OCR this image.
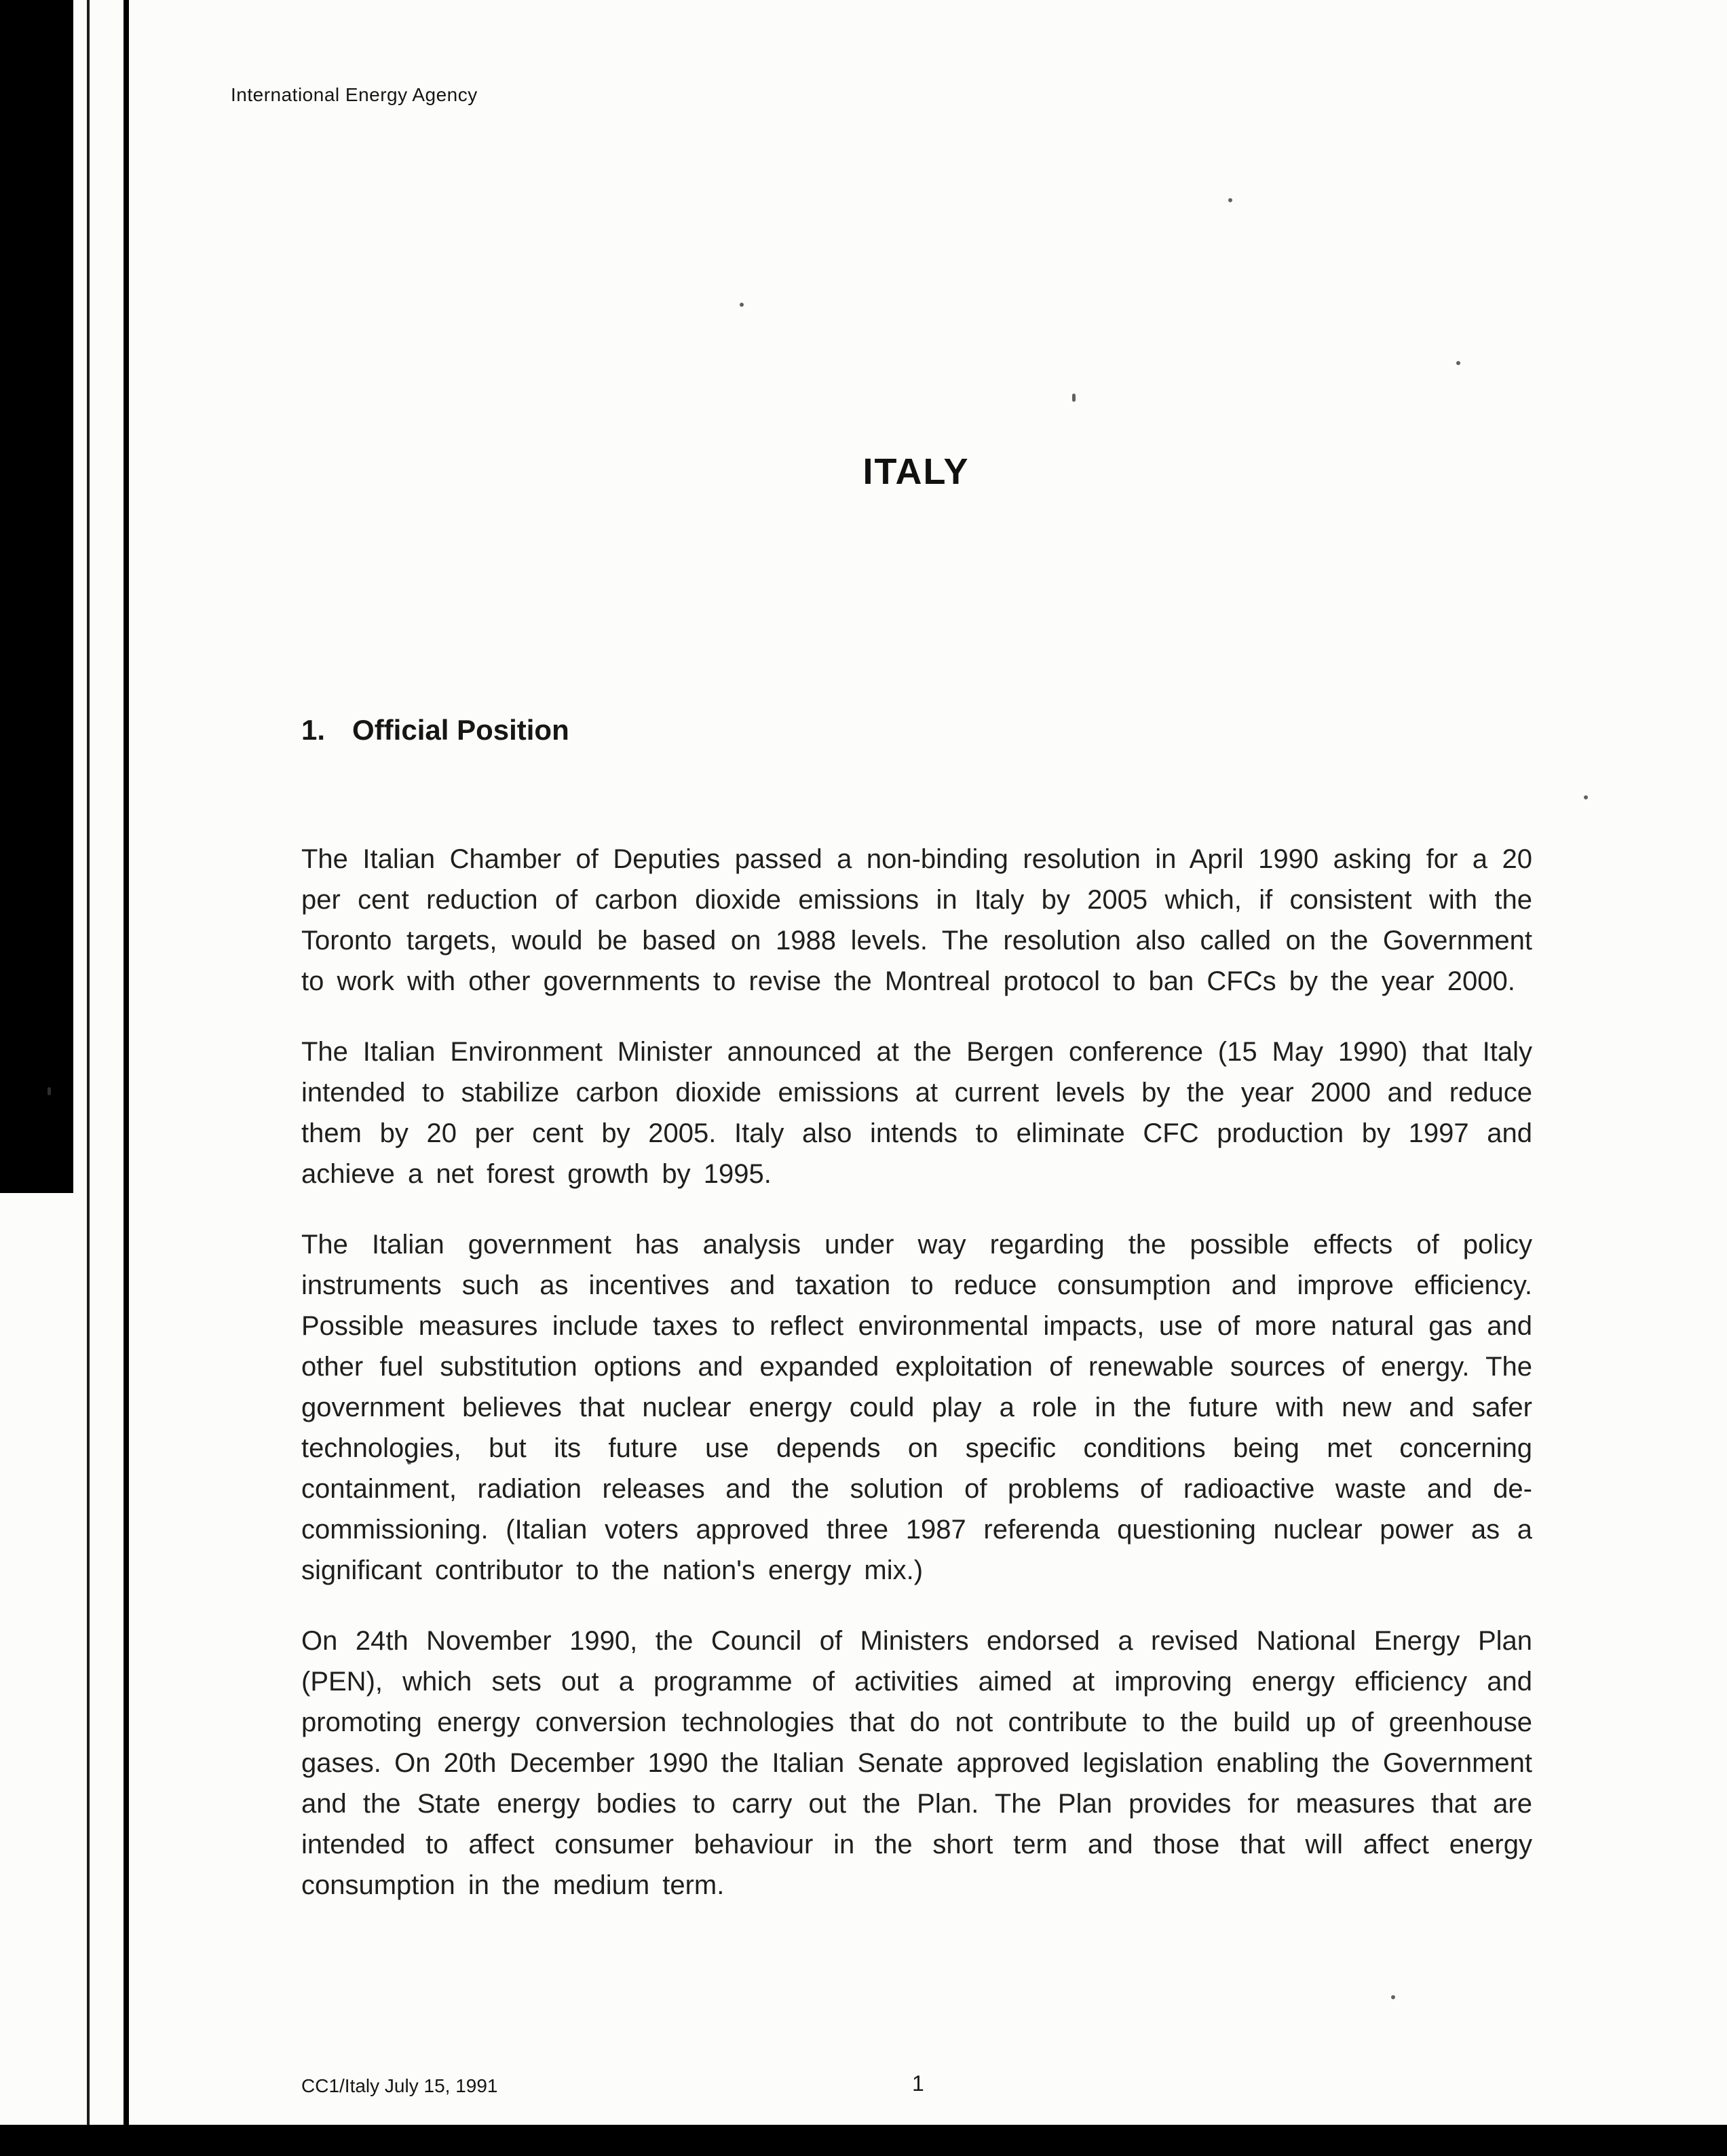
International Energy Agency
ITALY
1. Official Position

The Italian Chamber of Deputies passed a non-binding resolution in April 1990 asking for a 20 per cent reduction of carbon dioxide emissions in Italy by 2005 which, if consistent with the Toronto targets, would be based on 1988 levels. The resolution also called on the Government to work with other governments to revise the Montreal protocol to ban CFCs by the year 2000.

The Italian Environment Minister announced at the Bergen conference (15 May 1990) that Italy intended to stabilize carbon dioxide emissions at current levels by the year 2000 and reduce them by 20 per cent by 2005. Italy also intends to eliminate CFC production by 1997 and achieve a net forest growth by 1995.

The Italian government has analysis under way regarding the possible effects of policy instruments such as incentives and taxation to reduce consumption and improve efficiency. Possible measures include taxes to reflect environmental impacts, use of more natural gas and other fuel substitution options and expanded exploitation of renewable sources of energy. The government believes that nuclear energy could play a role in the future with new and safer technologies, but its future use depends on specific conditions being met concerning containment, radiation releases and the solution of problems of radioactive waste and de-commissioning. (Italian voters approved three 1987 referenda questioning nuclear power as a significant contributor to the nation's energy mix.)

On 24th November 1990, the Council of Ministers endorsed a revised National Energy Plan (PEN), which sets out a programme of activities aimed at improving energy efficiency and promoting energy conversion technologies that do not contribute to the build up of greenhouse gases. On 20th December 1990 the Italian Senate approved legislation enabling the Government and the State energy bodies to carry out the Plan. The Plan provides for measures that are intended to affect consumer behaviour in the short term and those that will affect energy consumption in the medium term.

CC1/Italy July 15, 1991	1
